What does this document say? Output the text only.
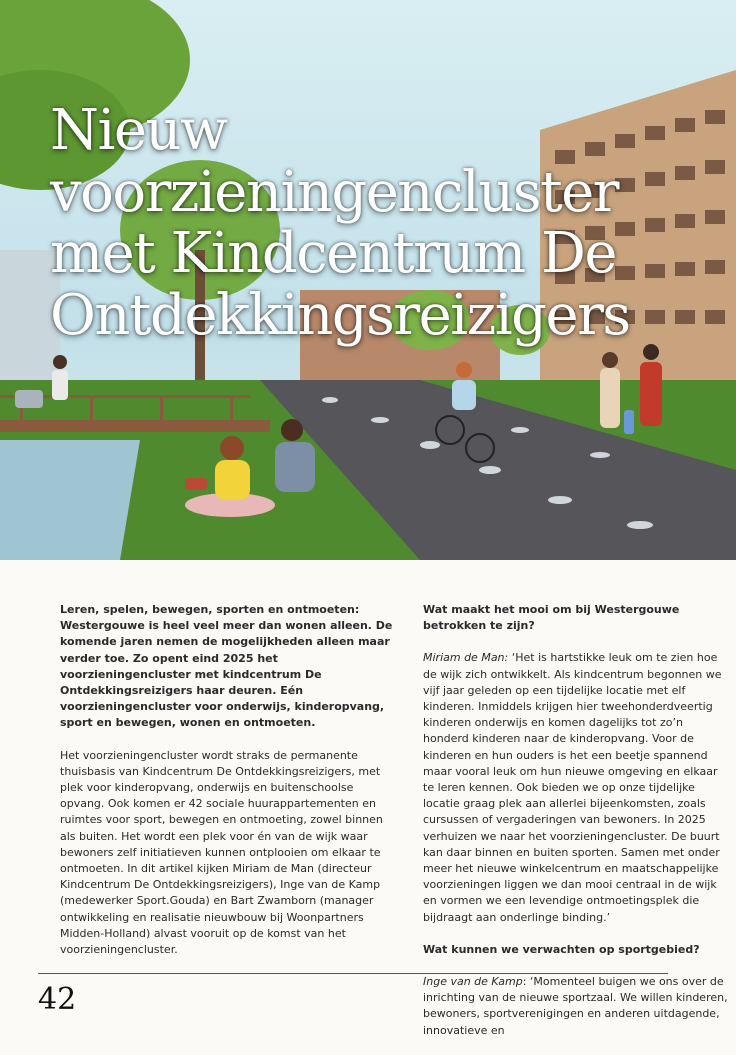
Nieuw voorzieningencluster met Kindcentrum De Ontdekkingsreizigers

Leren, spelen, bewegen, sporten en ontmoeten: Westergouwe is heel veel meer dan wonen alleen. De komende jaren nemen de mogelijkheden alleen maar verder toe. Zo opent eind 2025 het voorzieningencluster met kindcentrum De Ontdekkingsreizigers haar deuren. Eén voorzieningencluster voor onderwijs, kinderopvang, sport en bewegen, wonen en ontmoeten.

Het voorzieningencluster wordt straks de permanente thuisbasis van Kindcentrum De Ontdekkingsreizigers, met plek voor kinderopvang, onderwijs en buitenschoolse opvang. Ook komen er 42 sociale huurappartementen en ruimtes voor sport, bewegen en ontmoeting, zowel binnen als buiten. Het wordt een plek voor én van de wijk waar bewoners zelf initiatieven kunnen ontplooien om elkaar te ontmoeten. In dit artikel kijken Miriam de Man (directeur Kindcentrum De Ontdekkingsreizigers), Inge van de Kamp (medewerker Sport.Gouda) en Bart Zwamborn (manager ontwikkeling en realisatie nieuwbouw bij Woonpartners Midden-Holland) alvast vooruit op de komst van het voorzieningencluster.

Wat maakt het mooi om bij Westergouwe betrokken te zijn?

Miriam de Man: ‘Het is hartstikke leuk om te zien hoe de wijk zich ontwikkelt. Als kindcentrum begonnen we vijf jaar geleden op een tijdelijke locatie met elf kinderen. Inmiddels krijgen hier tweehonderdveertig kinderen onderwijs en komen dagelijks tot zo’n honderd kinderen naar de kinderopvang. Voor de kinderen en hun ouders is het een beetje spannend maar vooral leuk om hun nieuwe omgeving en elkaar te leren kennen. Ook bieden we op onze tijdelijke locatie graag plek aan allerlei bijeenkomsten, zoals cursussen of vergaderingen van bewoners. In 2025 verhuizen we naar het voorzieningencluster. De buurt kan daar binnen en buiten sporten. Samen met onder meer het nieuwe winkelcentrum en maatschappelijke voorzieningen liggen we dan mooi centraal in de wijk en vormen we een levendige ontmoetingsplek die bijdraagt aan onderlinge binding.’

Wat kunnen we verwachten op sportgebied?

Inge van de Kamp: ‘Momenteel buigen we ons over de inrichting van de nieuwe sportzaal. We willen kinderen, bewoners, sportverenigingen en anderen uitdagende, innovatieve en

42
